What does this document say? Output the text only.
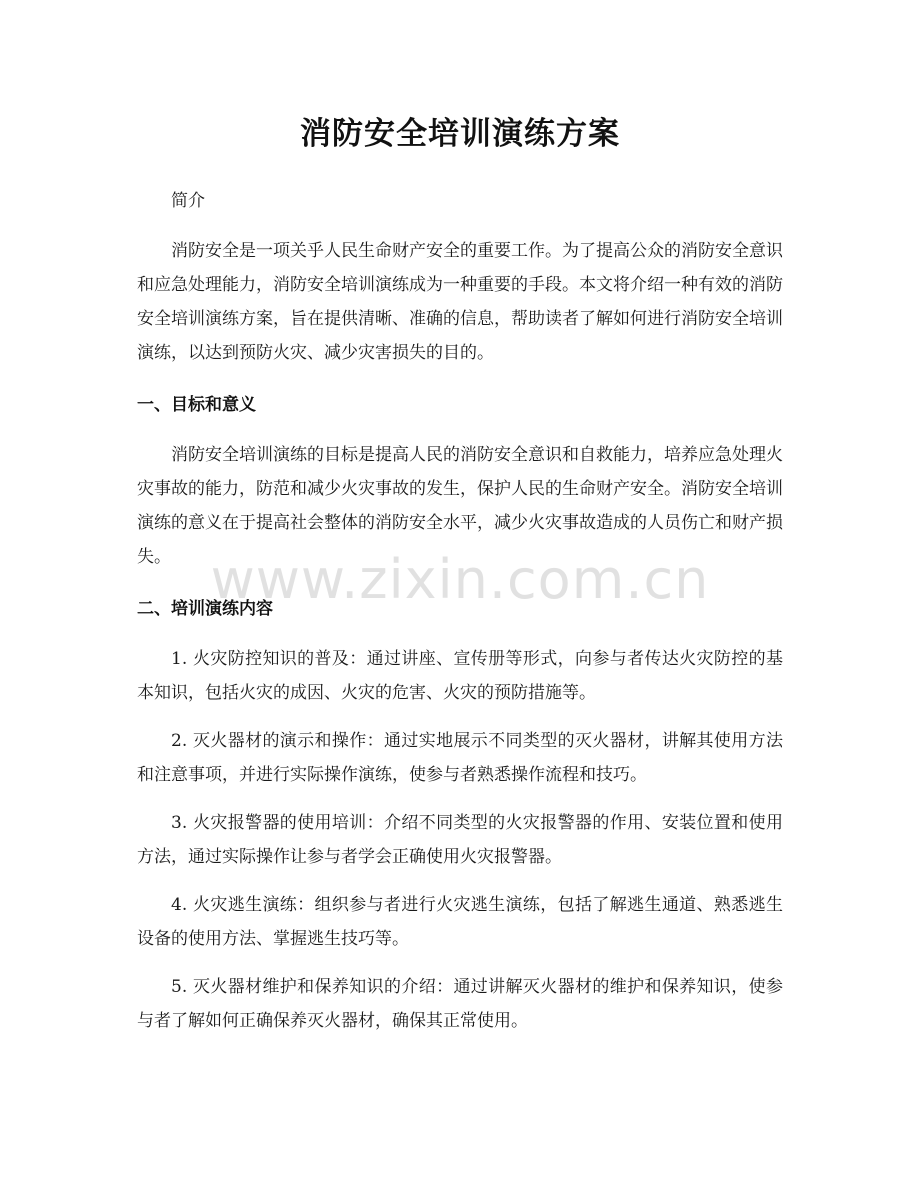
消防安全培训演练方案

简介

消防安全是一项关乎人民生命财产安全的重要工作。为了提高公众的消防安全意识和应急处理能力，消防安全培训演练成为一种重要的手段。本文将介绍一种有效的消防安全培训演练方案，旨在提供清晰、准确的信息，帮助读者了解如何进行消防安全培训演练，以达到预防火灾、减少灾害损失的目的。

一、目标和意义

消防安全培训演练的目标是提高人民的消防安全意识和自救能力，培养应急处理火灾事故的能力，防范和减少火灾事故的发生，保护人民的生命财产安全。消防安全培训演练的意义在于提高社会整体的消防安全水平，减少火灾事故造成的人员伤亡和财产损失。

二、培训演练内容

1. 火灾防控知识的普及：通过讲座、宣传册等形式，向参与者传达火灾防控的基本知识，包括火灾的成因、火灾的危害、火灾的预防措施等。

2. 灭火器材的演示和操作：通过实地展示不同类型的灭火器材，讲解其使用方法和注意事项，并进行实际操作演练，使参与者熟悉操作流程和技巧。

3. 火灾报警器的使用培训：介绍不同类型的火灾报警器的作用、安装位置和使用方法，通过实际操作让参与者学会正确使用火灾报警器。

4. 火灾逃生演练：组织参与者进行火灾逃生演练，包括了解逃生通道、熟悉逃生设备的使用方法、掌握逃生技巧等。

5. 灭火器材维护和保养知识的介绍：通过讲解灭火器材的维护和保养知识，使参与者了解如何正确保养灭火器材，确保其正常使用。

www.zixin.com.cn
